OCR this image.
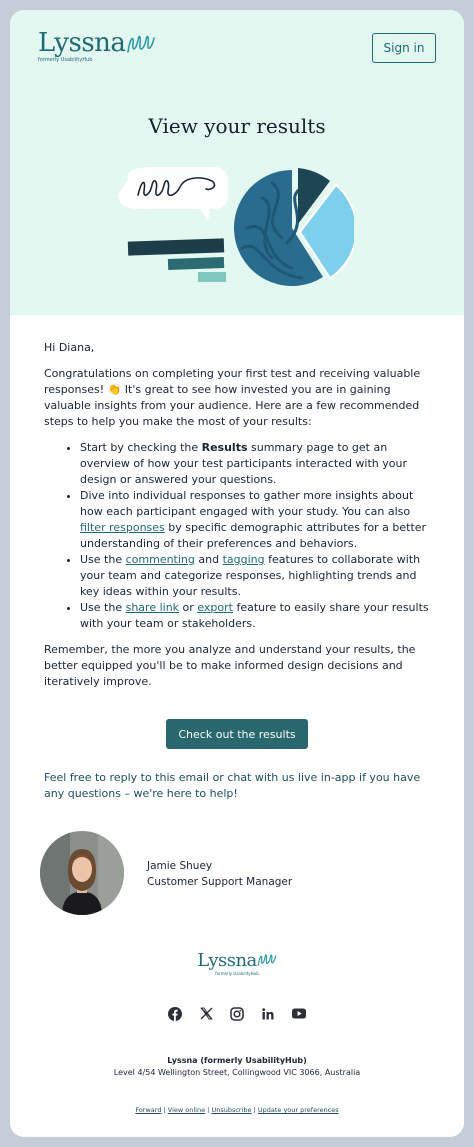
Lyssna
formerly UsabilityHub
Sign in
View your results

Hi Diana,

Congratulations on completing your first test and receiving valuable responses! 👏 It's great to see how invested you are in gaining valuable insights from your audience. Here are a few recommended steps to help you make the most of your results:

• Start by checking the Results summary page to get an overview of how your test participants interacted with your design or answered your questions.
• Dive into individual responses to gather more insights about how each participant engaged with your study. You can also filter responses by specific demographic attributes for a better understanding of their preferences and behaviors.
• Use the commenting and tagging features to collaborate with your team and categorize responses, highlighting trends and key ideas within your results.
• Use the share link or export feature to easily share your results with your team or stakeholders.

Remember, the more you analyze and understand your results, the better equipped you'll be to make informed design decisions and iteratively improve.

Check out the results
Feel free to reply to this email or chat with us live in-app if you have any questions – we're here to help!
Jamie Shuey
Customer Support Manager
Lyssna
formerly UsabilityHub
Lyssna (formerly UsabilityHub)
Level 4/54 Wellington Street, Collingwood VIC 3066, Australia
Forward | View online | Unsubscribe | Update your preferences
